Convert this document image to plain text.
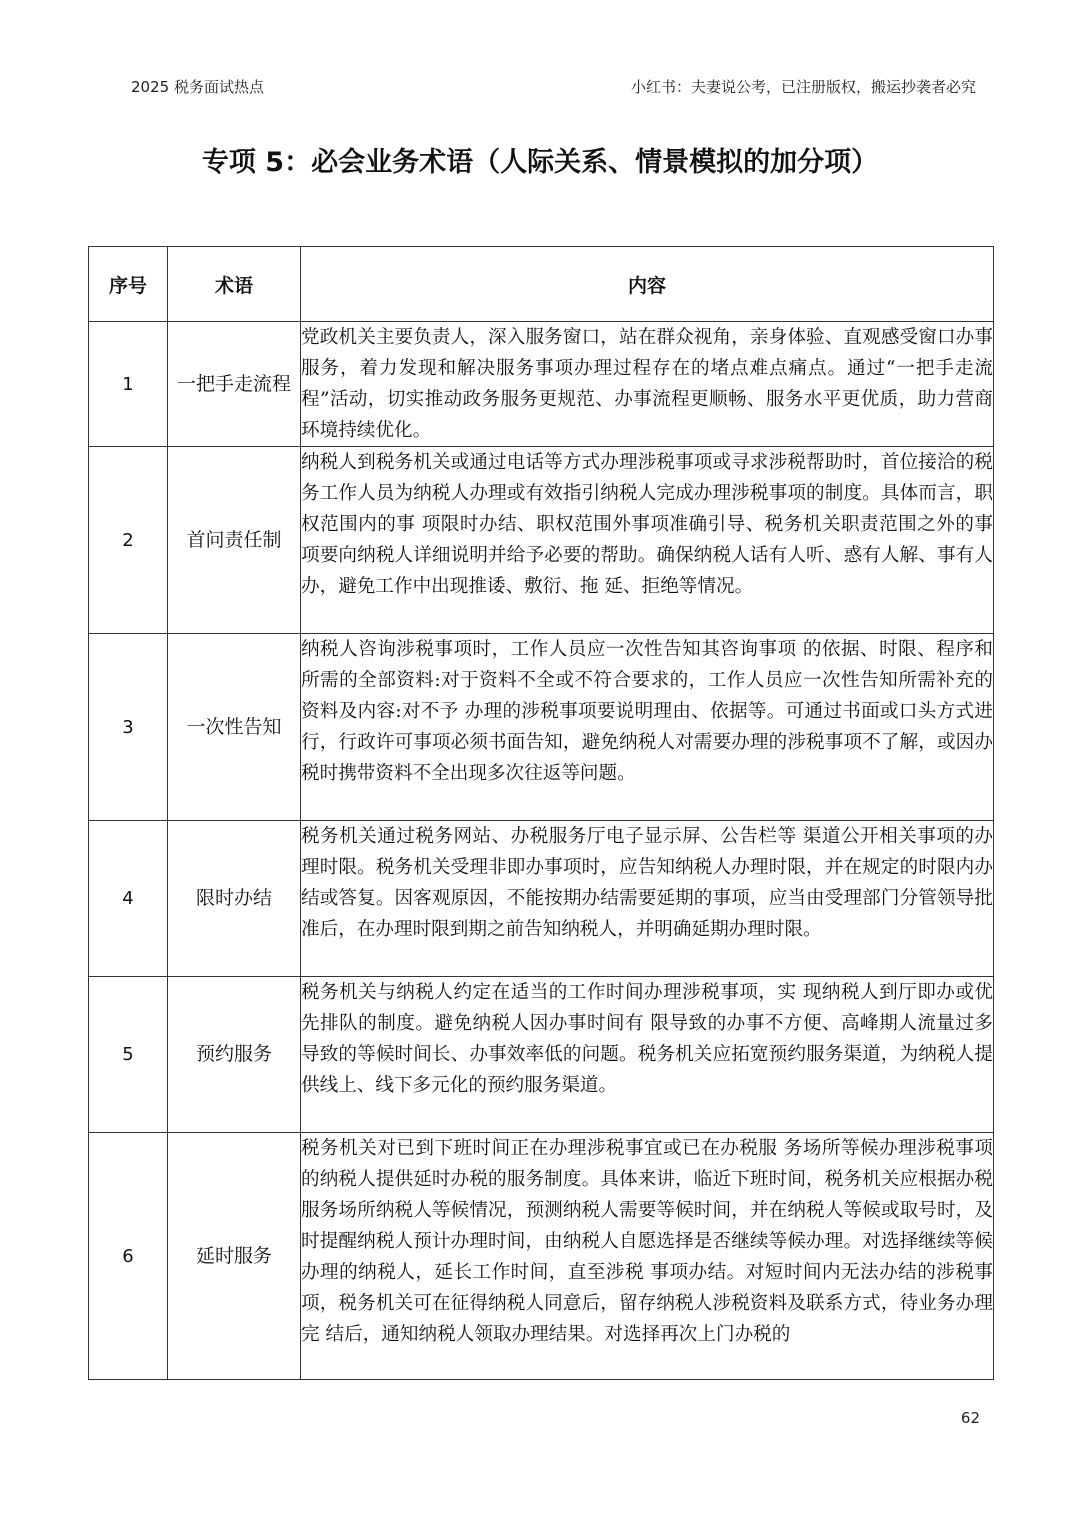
2025 税务面试热点	小红书：夫妻说公考，已注册版权，搬运抄袭者必究
专项 5：必会业务术语（人际关系、情景模拟的加分项）
序号	术语	内容
1	一把手走流程	党政机关主要负责人，深入服务窗口，站在群众视角，亲身体验、直观感受窗口办事服务，着力发现和解决服务事项办理过程存在的堵点难点痛点。通过“一把手走流程”活动，切实推动政务服务更规范、办事流程更顺畅、服务水平更优质，助力营商环境持续优化。
2	首问责任制	纳税人到税务机关或通过电话等方式办理涉税事项或寻求涉税帮助时，首位接洽的税务工作人员为纳税人办理或有效指引纳税人完成办理涉税事项的制度。具体而言，职权范围内的事 项限时办结、职权范围外事项准确引导、税务机关职责范围之外的事项要向纳税人详细说明并给予必要的帮助。确保纳税人话有人听、惑有人解、事有人办，避免工作中出现推诿、敷衍、拖 延、拒绝等情况。
3	一次性告知	纳税人咨询涉税事项时，工作人员应一次性告知其咨询事项 的依据、时限、程序和所需的全部资料:对于资料不全或不符合要求的，工作人员应一次性告知所需补充的资料及内容:对不予 办理的涉税事项要说明理由、依据等。可通过书面或口头方式进行，行政许可事项必须书面告知，避免纳税人对需要办理的涉税事项不了解，或因办税时携带资料不全出现多次往返等问题。
4	限时办结	税务机关通过税务网站、办税服务厅电子显示屏、公告栏等 渠道公开相关事项的办理时限。税务机关受理非即办事项时，应告知纳税人办理时限，并在规定的时限内办结或答复。因客观原因，不能按期办结需要延期的事项，应当由受理部门分管领导批准后，在办理时限到期之前告知纳税人，并明确延期办理时限。
5	预约服务	税务机关与纳税人约定在适当的工作时间办理涉税事项，实 现纳税人到厅即办或优先排队的制度。避免纳税人因办事时间有 限导致的办事不方便、高峰期人流量过多导致的等候时间长、办事效率低的问题。税务机关应拓宽预约服务渠道，为纳税人提供线上、线下多元化的预约服务渠道。
6	延时服务	税务机关对已到下班时间正在办理涉税事宜或已在办税服 务场所等候办理涉税事项的纳税人提供延时办税的服务制度。具体来讲，临近下班时间，税务机关应根据办税服务场所纳税人等候情况，预测纳税人需要等候时间，并在纳税人等候或取号时，及时提醒纳税人预计办理时间，由纳税人自愿选择是否继续等候办理。对选择继续等候办理的纳税人，延长工作时间，直至涉税 事项办结。对短时间内无法办结的涉税事项，税务机关可在征得纳税人同意后，留存纳税人涉税资料及联系方式，待业务办理完 结后，通知纳税人领取办理结果。对选择再次上门办税的
62
